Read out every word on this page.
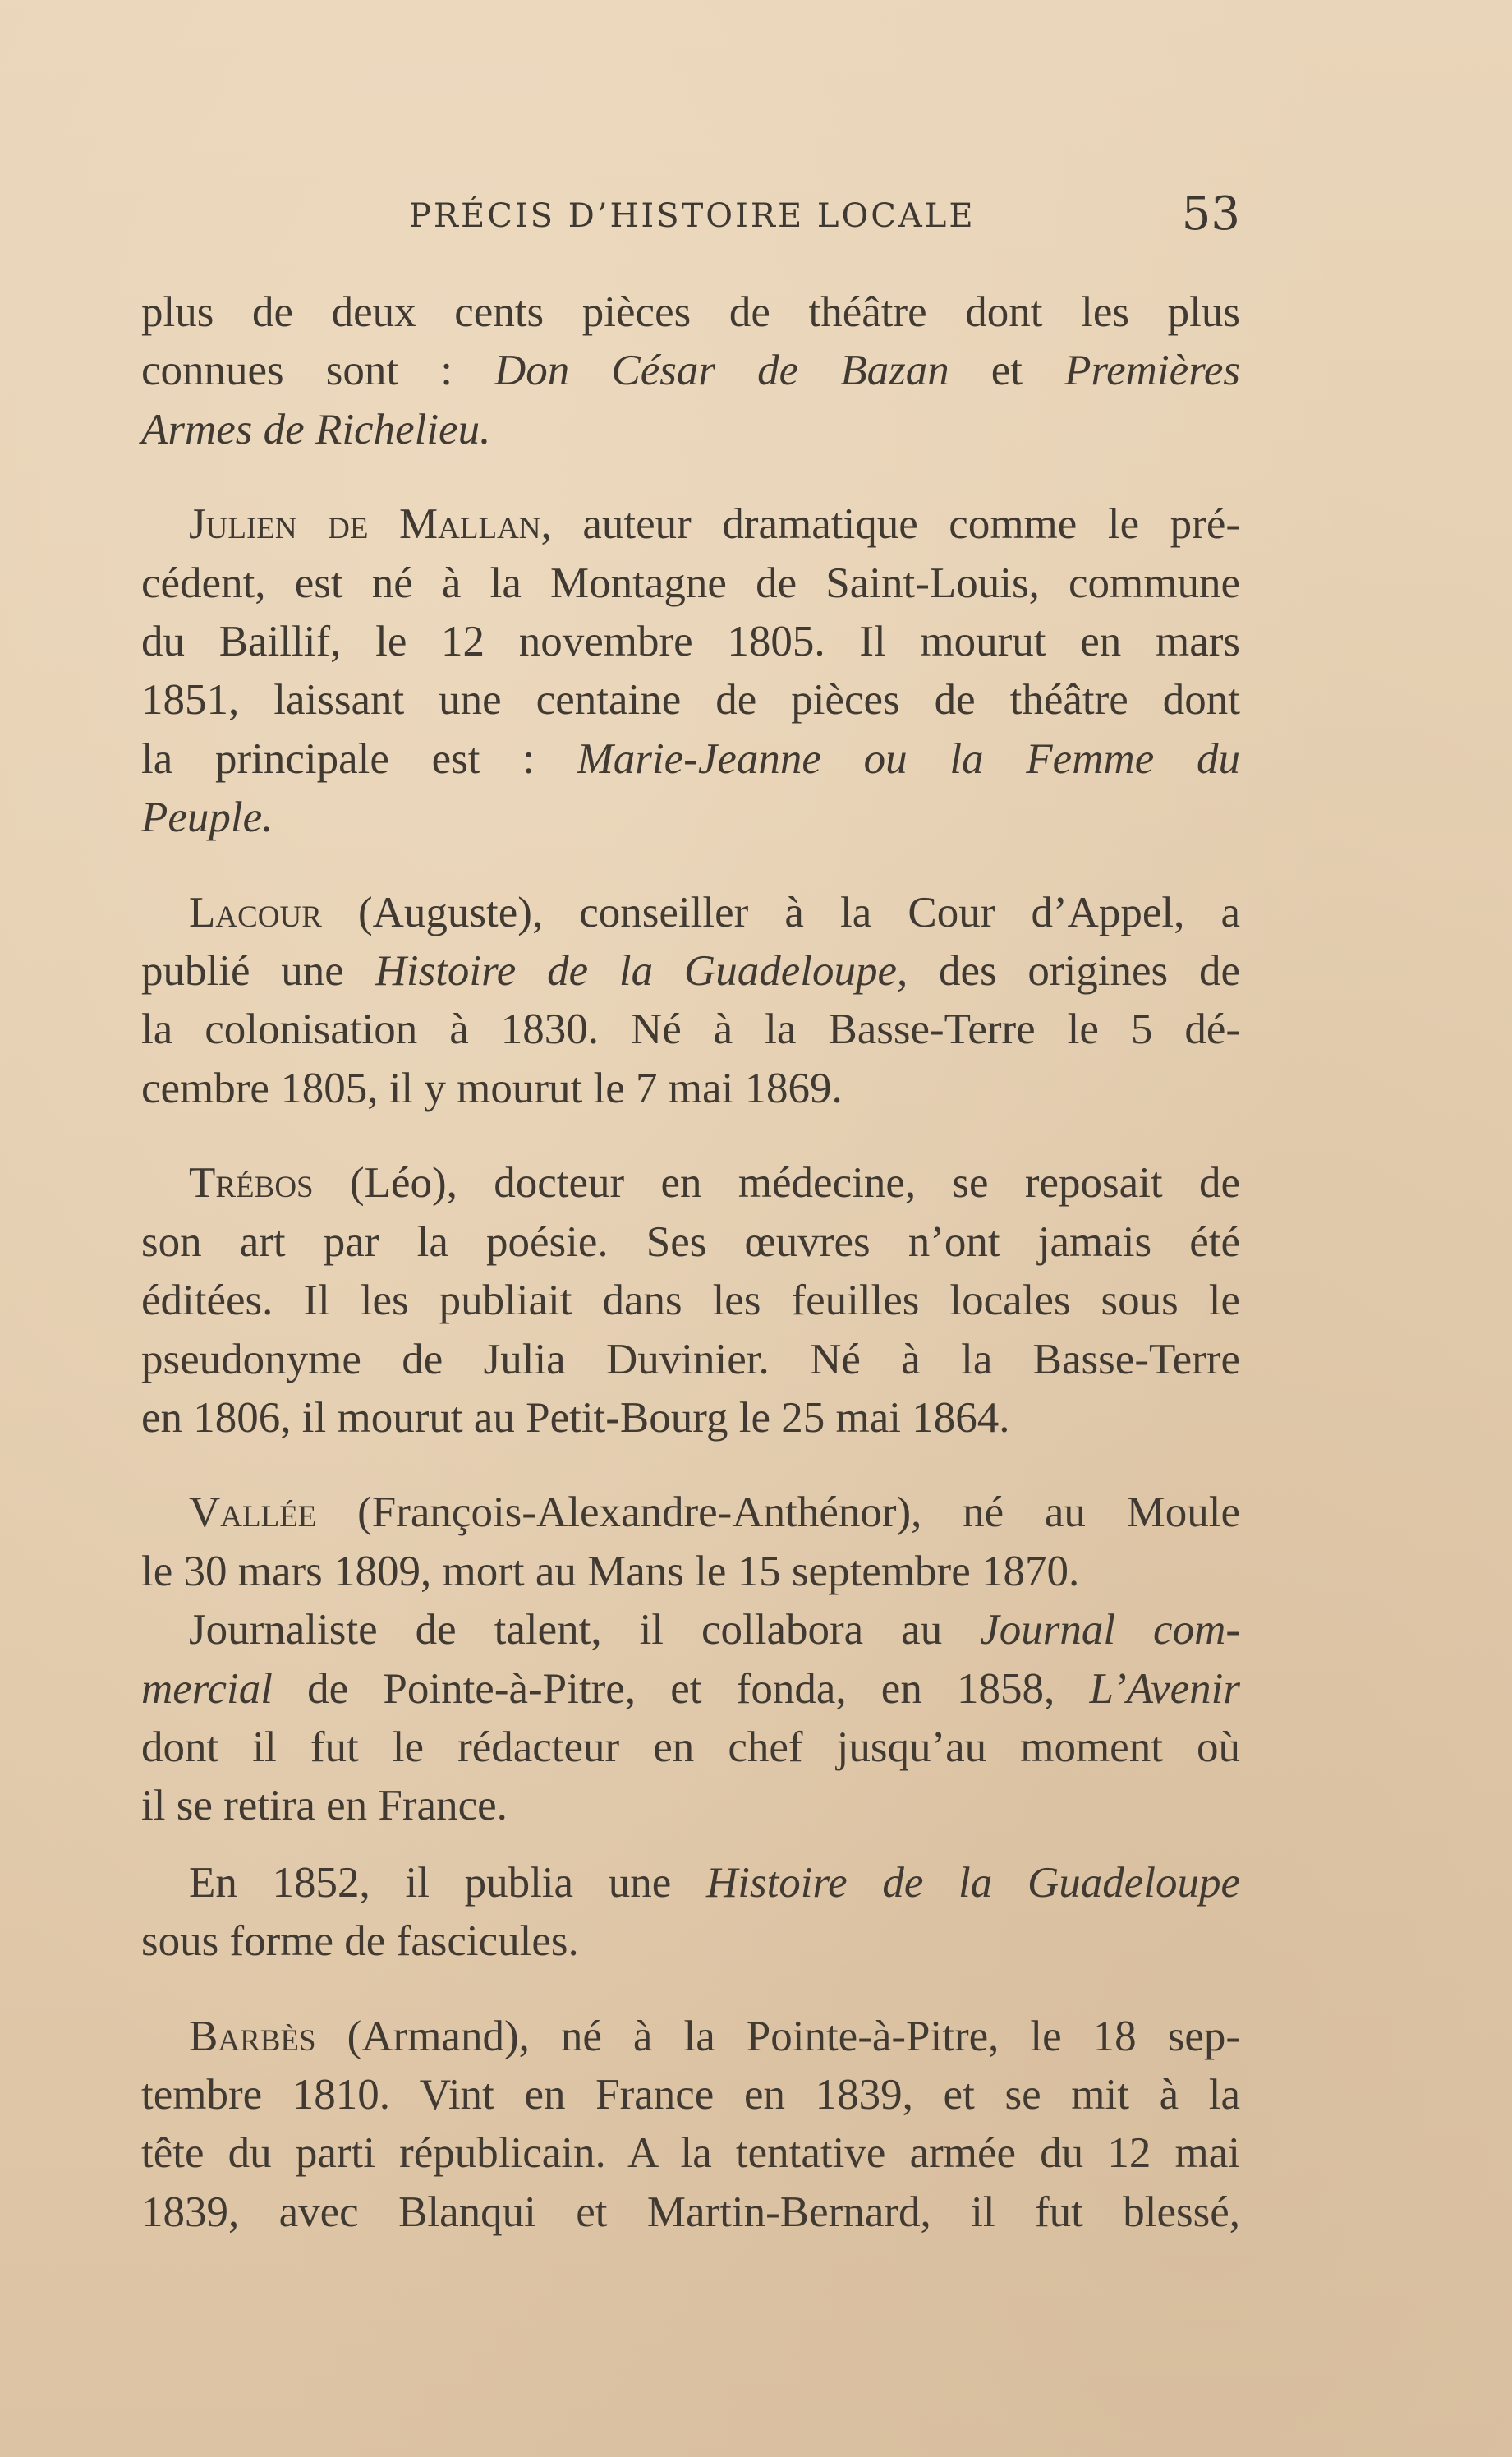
PRÉCIS D’HISTOIRE LOCALE	53

plus de deux cents pièces de théâtre dont les plus

connues sont : Don César de Bazan et Premières

Armes de Richelieu.

Julien de Mallan, auteur dramatique comme le pré-

cédent, est né à la Montagne de Saint-Louis, commune

du Baillif, le 12 novembre 1805. Il mourut en mars

1851, laissant une centaine de pièces de théâtre dont

la principale est : Marie-Jeanne ou la Femme du

Peuple.

Lacour (Auguste), conseiller à la Cour d’Appel, a

publié une Histoire de la Guadeloupe, des origines de

la colonisation à 1830. Né à la Basse-Terre le 5 dé-

cembre 1805, il y mourut le 7 mai 1869.

Trébos (Léo), docteur en médecine, se reposait de

son art par la poésie. Ses œuvres n’ont jamais été

éditées. Il les publiait dans les feuilles locales sous le

pseudonyme de Julia Duvinier. Né à la Basse-Terre

en 1806, il mourut au Petit-Bourg le 25 mai 1864.

Vallée (François-Alexandre-Anthénor), né au Moule

le 30 mars 1809, mort au Mans le 15 septembre 1870.

Journaliste de talent, il collabora au Journal com-

mercial de Pointe-à-Pitre, et fonda, en 1858, L’Avenir

dont il fut le rédacteur en chef jusqu’au moment où

il se retira en France.

En 1852, il publia une Histoire de la Guadeloupe

sous forme de fascicules.

Barbès (Armand), né à la Pointe-à-Pitre, le 18 sep-

tembre 1810. Vint en France en 1839, et se mit à la

tête du parti républicain. A la tentative armée du 12 mai

1839, avec Blanqui et Martin-Bernard, il fut blessé,
